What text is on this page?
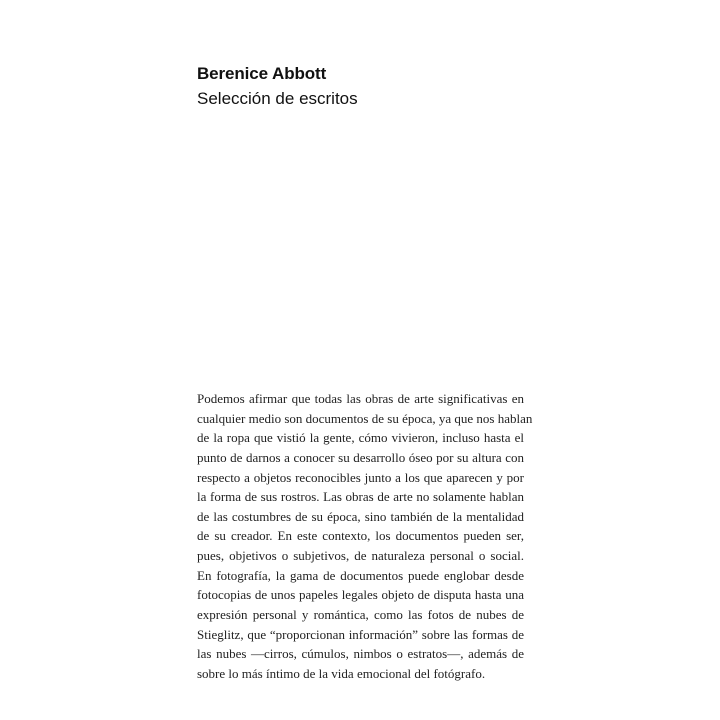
Berenice Abbott
Selección de escritos
Podemos afirmar que todas las obras de arte significativas en
cualquier medio son documentos de su época, ya que nos hablan
de la ropa que vistió la gente, cómo vivieron, incluso hasta el
punto de darnos a conocer su desarrollo óseo por su altura con
respecto a objetos reconocibles junto a los que aparecen y por
la forma de sus rostros. Las obras de arte no solamente hablan
de las costumbres de su época, sino también de la mentalidad
de su creador. En este contexto, los documentos pueden ser,
pues, objetivos o subjetivos, de naturaleza personal o social.
En fotografía, la gama de documentos puede englobar desde
fotocopias de unos papeles legales objeto de disputa hasta una
expresión personal y romántica, como las fotos de nubes de
Stieglitz, que “proporcionan información” sobre las formas de
las nubes —cirros, cúmulos, nimbos o estratos—, además de
sobre lo más íntimo de la vida emocional del fotógrafo.
